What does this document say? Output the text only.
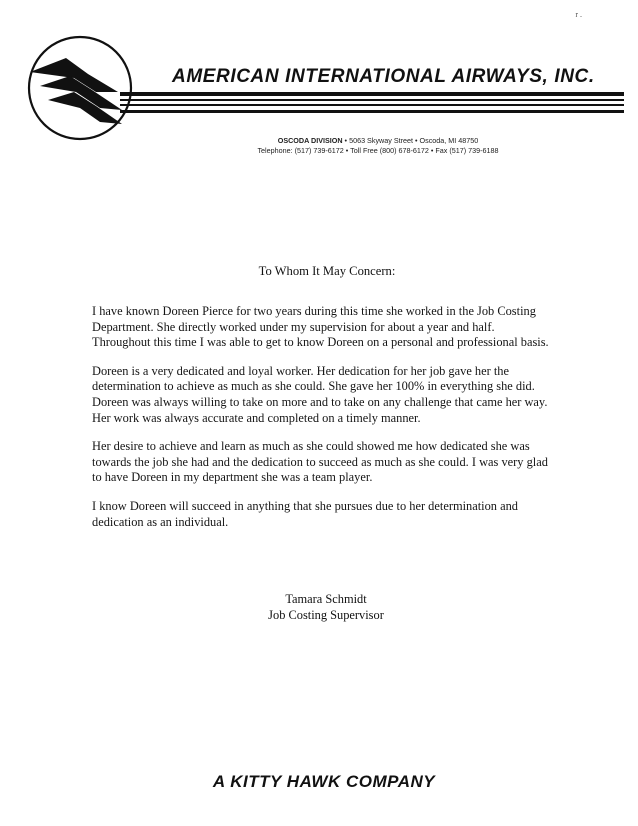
r .
AMERICAN INTERNATIONAL AIRWAYS, INC.
OSCODA DIVISION • 5063 Skyway Street • Oscoda, MI 48750
Telephone: (517) 739-6172 • Toll Free (800) 678-6172 • Fax (517) 739-6188
To Whom It May Concern:

I have known Doreen Pierce for two years during this time she worked in the Job Costing Department. She directly worked under my supervision for about a year and half. Throughout this time I was able to get to know Doreen on a personal and professional basis.

Doreen is a very dedicated and loyal worker. Her dedication for her job gave her the determination to achieve as much as she could. She gave her 100% in everything she did. Doreen was always willing to take on more and to take on any challenge that came her way. Her work was always accurate and completed on a timely manner.

Her desire to achieve and learn as much as she could showed me how dedicated she was towards the job she had and the dedication to succeed as much as she could. I was very glad to have Doreen in my department she was a team player.

I know Doreen will succeed in anything that she pursues due to her determination and dedication as an individual.

Tamara Schmidt
Job Costing Supervisor
A KITTY HAWK COMPANY
